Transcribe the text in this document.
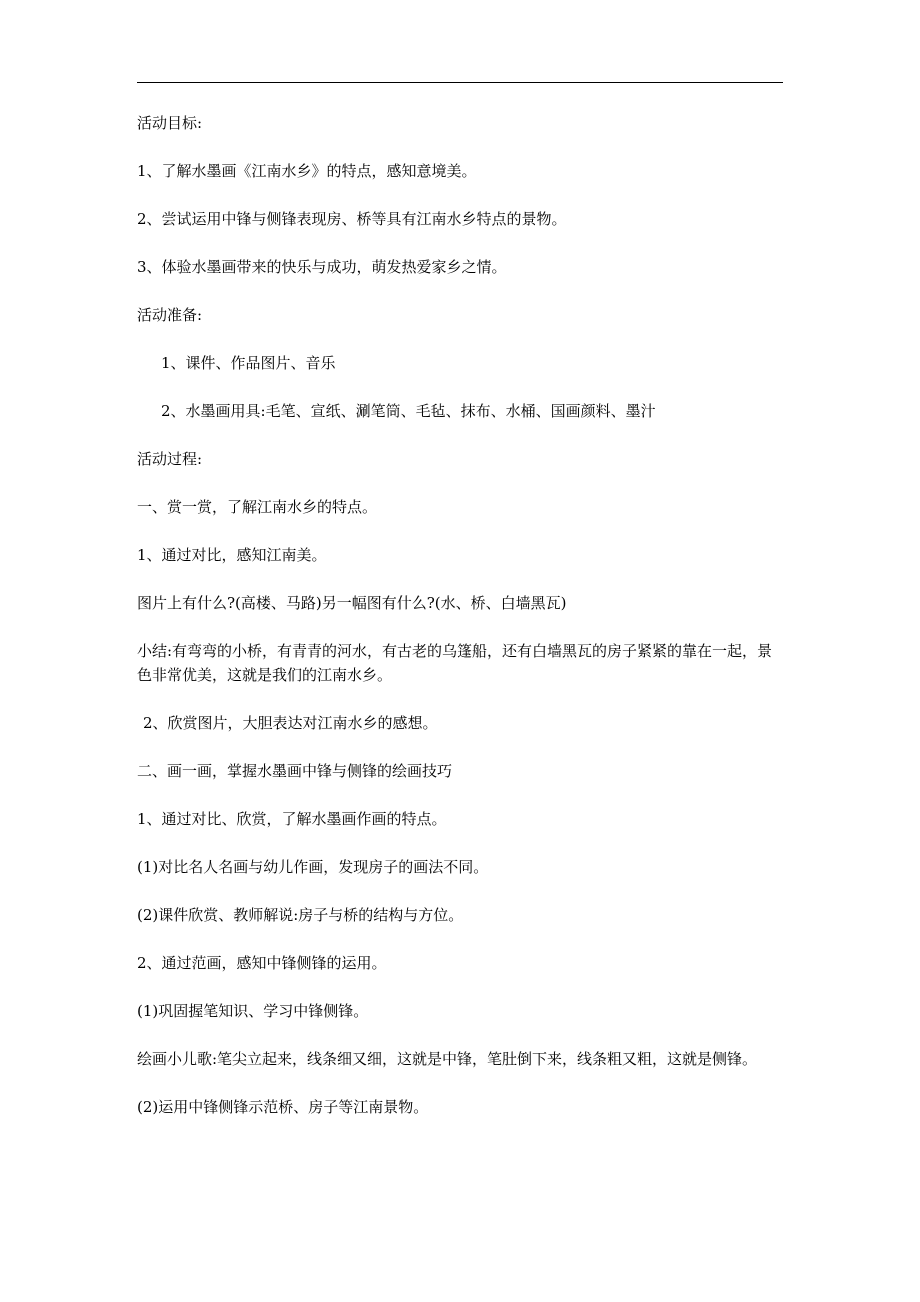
活动目标:

1、了解水墨画《江南水乡》的特点，感知意境美。

2、尝试运用中锋与侧锋表现房、桥等具有江南水乡特点的景物。

3、体验水墨画带来的快乐与成功，萌发热爱家乡之情。

活动准备:

1、课件、作品图片、音乐

2、水墨画用具:毛笔、宣纸、涮笔筒、毛毡、抹布、水桶、国画颜料、墨汁

活动过程:

一、赏一赏，了解江南水乡的特点。

1、通过对比，感知江南美。

图片上有什么?(高楼、马路)另一幅图有什么?(水、桥、白墙黑瓦)

小结:有弯弯的小桥，有青青的河水，有古老的乌篷船，还有白墙黑瓦的房子紧紧的靠在一起，景色非常优美，这就是我们的江南水乡。

2、欣赏图片，大胆表达对江南水乡的感想。

二、画一画，掌握水墨画中锋与侧锋的绘画技巧

1、通过对比、欣赏，了解水墨画作画的特点。

(1)对比名人名画与幼儿作画，发现房子的画法不同。

(2)课件欣赏、教师解说:房子与桥的结构与方位。

2、通过范画，感知中锋侧锋的运用。

(1)巩固握笔知识、学习中锋侧锋。

绘画小儿歌:笔尖立起来，线条细又细，这就是中锋，笔肚倒下来，线条粗又粗，这就是侧锋。

(2)运用中锋侧锋示范桥、房子等江南景物。
